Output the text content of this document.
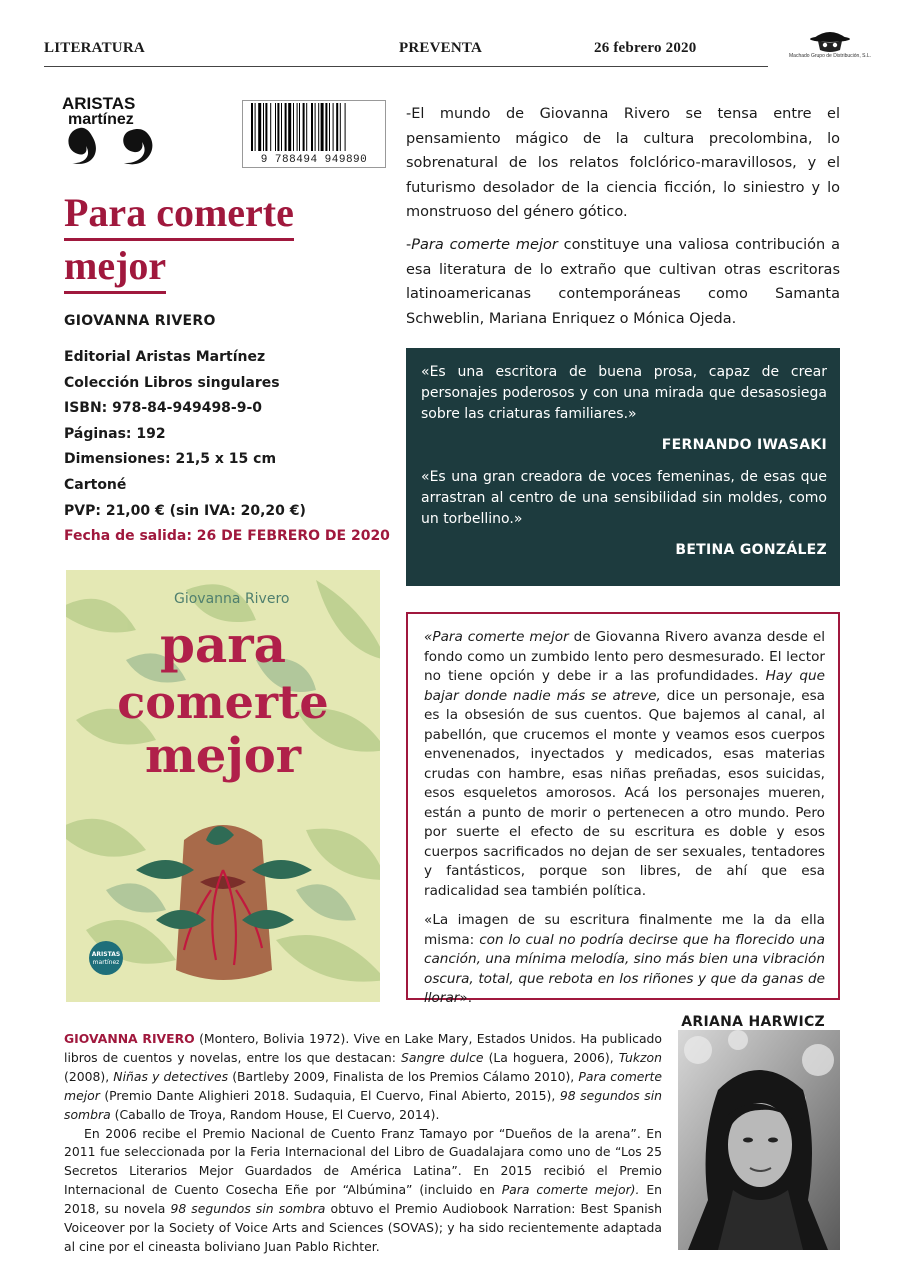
LITERATURA	PREVENTA	26 febrero 2020	Machado Grupo de Distribución, S.L.
ARISTAS
martínez
9 788494 949890
Para comerte
mejor
GIOVANNA RIVERO
Editorial Aristas Martínez
Colección Libros singulares
ISBN: 978-84-949498-9-0
Páginas: 192
Dimensiones: 21,5 x 15 cm
Cartoné
PVP: 21,00 € (sin IVA: 20,20 €)
Fecha de salida: 26 DE FEBRERO DE 2020
Giovanna Rivero
para
comerte
mejor
ARISTAS
martínez

-El mundo de Giovanna Rivero se tensa entre el pensamiento mágico de la cultura precolombina, lo sobrenatural de los relatos folclórico-maravillosos, y el futurismo desolador de la ciencia ficción, lo siniestro y lo monstruoso del género gótico.

-Para comerte mejor constituye una valiosa contribución a esa literatura de lo extraño que cultivan otras escritoras latinoamericanas contemporáneas como Samanta Schweblin, Mariana Enriquez o Mónica Ojeda.

«Es una escritora de buena prosa, capaz de crear personajes poderosos y con una mirada que desasosiega sobre las criaturas familiares.»

FERNANDO IWASAKI

«Es una gran creadora de voces femeninas, de esas que arrastran al centro de una sensibilidad sin moldes, como un torbellino.»

BETINA GONZÁLEZ

«Para comerte mejor de Giovanna Rivero avanza desde el fondo como un zumbido lento pero desmesurado. El lector no tiene opción y debe ir a las profundidades. Hay que bajar donde nadie más se atreve, dice un personaje, esa es la obsesión de sus cuentos. Que bajemos al canal, al pabellón, que crucemos el monte y veamos esos cuerpos envenenados, inyectados y medicados, esas materias crudas con hambre, esas niñas preñadas, esos suicidas, esos esqueletos amorosos. Acá los personajes mueren, están a punto de morir o pertenecen a otro mundo. Pero por suerte el efecto de su escritura es doble y esos cuerpos sacrificados no dejan de ser sexuales, tentadores y fantásticos, porque son libres, de ahí que esa radicalidad sea también política.

«La imagen de su escritura finalmente me la da ella misma: con lo cual no podría decirse que ha florecido una canción, una mínima melodía, sino más bien una vibración oscura, total, que rebota en los riñones y que da ganas de llorar».

ARIANA HARWICZ

GIOVANNA RIVERO (Montero, Bolivia 1972). Vive en Lake Mary, Estados Unidos. Ha publicado libros de cuentos y novelas, entre los que destacan: Sangre dulce (La hoguera, 2006), Tukzon (2008), Niñas y detectives (Bartleby 2009, Finalista de los Premios Cálamo 2010), Para comerte mejor (Premio Dante Alighieri 2018. Sudaquia, El Cuervo, Final Abierto, 2015), 98 segundos sin sombra (Caballo de Troya, Random House, El Cuervo, 2014).

En 2006 recibe el Premio Nacional de Cuento Franz Tamayo por “Dueños de la arena”. En 2011 fue seleccionada por la Feria Internacional del Libro de Guadalajara como uno de “Los 25 Secretos Literarios Mejor Guardados de América Latina”. En 2015 recibió el Premio Internacional de Cuento Cosecha Eñe por “Albúmina” (incluido en Para comerte mejor). En 2018, su novela 98 segundos sin sombra obtuvo el Premio Audiobook Narration: Best Spanish Voiceover por la Society of Voice Arts and Sciences (SOVAS); y ha sido recientemente adaptada al cine por el cineasta boliviano Juan Pablo Richter.
